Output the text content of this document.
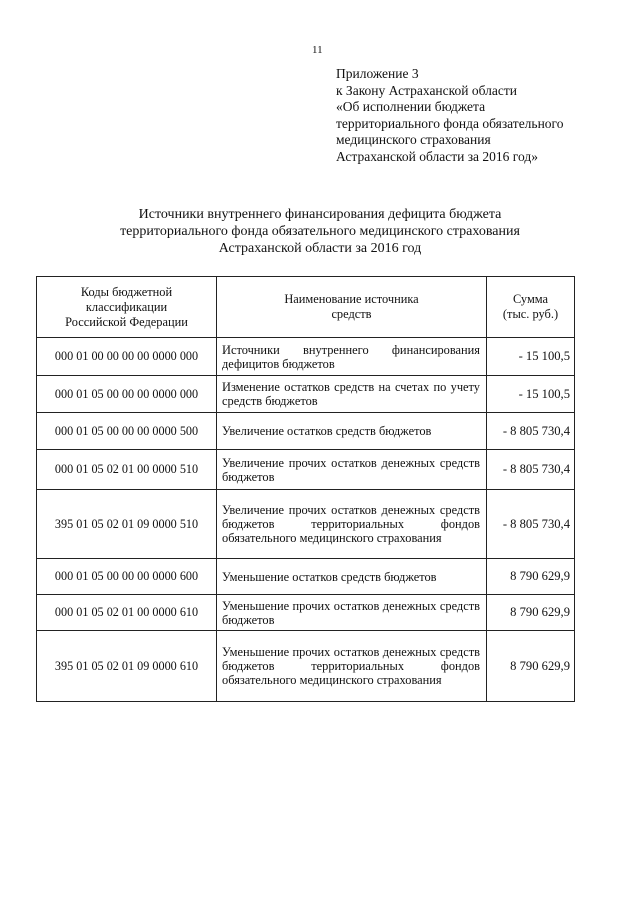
11
Приложение 3
к Закону Астраханской области
«Об исполнении бюджета
территориального фонда обязательного
медицинского страхования
Астраханской области за 2016 год»
Источники внутреннего финансирования дефицита бюджета
территориального фонда обязательного медицинского страхования
Астраханской области за 2016 год
Коды бюджетной классификации Российской Федерации	Наименование источника средств	Сумма (тыс. руб.)
000 01 00 00 00 00 0000 000	Источники внутреннего финансирования дефицитов бюджетов	- 15 100,5
000 01 05 00 00 00 0000 000	Изменение остатков средств на счетах по учету средств бюджетов	- 15 100,5
000 01 05 00 00 00 0000 500	Увеличение остатков средств бюджетов	- 8 805 730,4
000 01 05 02 01 00 0000 510	Увеличение прочих остатков денежных средств бюджетов	- 8 805 730,4
395 01 05 02 01 09 0000 510	Увеличение прочих остатков денежных средств бюджетов территориальных фондов обязательного медицинского страхования	- 8 805 730,4
000 01 05 00 00 00 0000 600	Уменьшение остатков средств бюджетов	8 790 629,9
000 01 05 02 01 00 0000 610	Уменьшение прочих остатков денежных средств бюджетов	8 790 629,9
395 01 05 02 01 09 0000 610	Уменьшение прочих остатков денежных средств бюджетов территориальных фондов обязательного медицинского страхования	8 790 629,9
